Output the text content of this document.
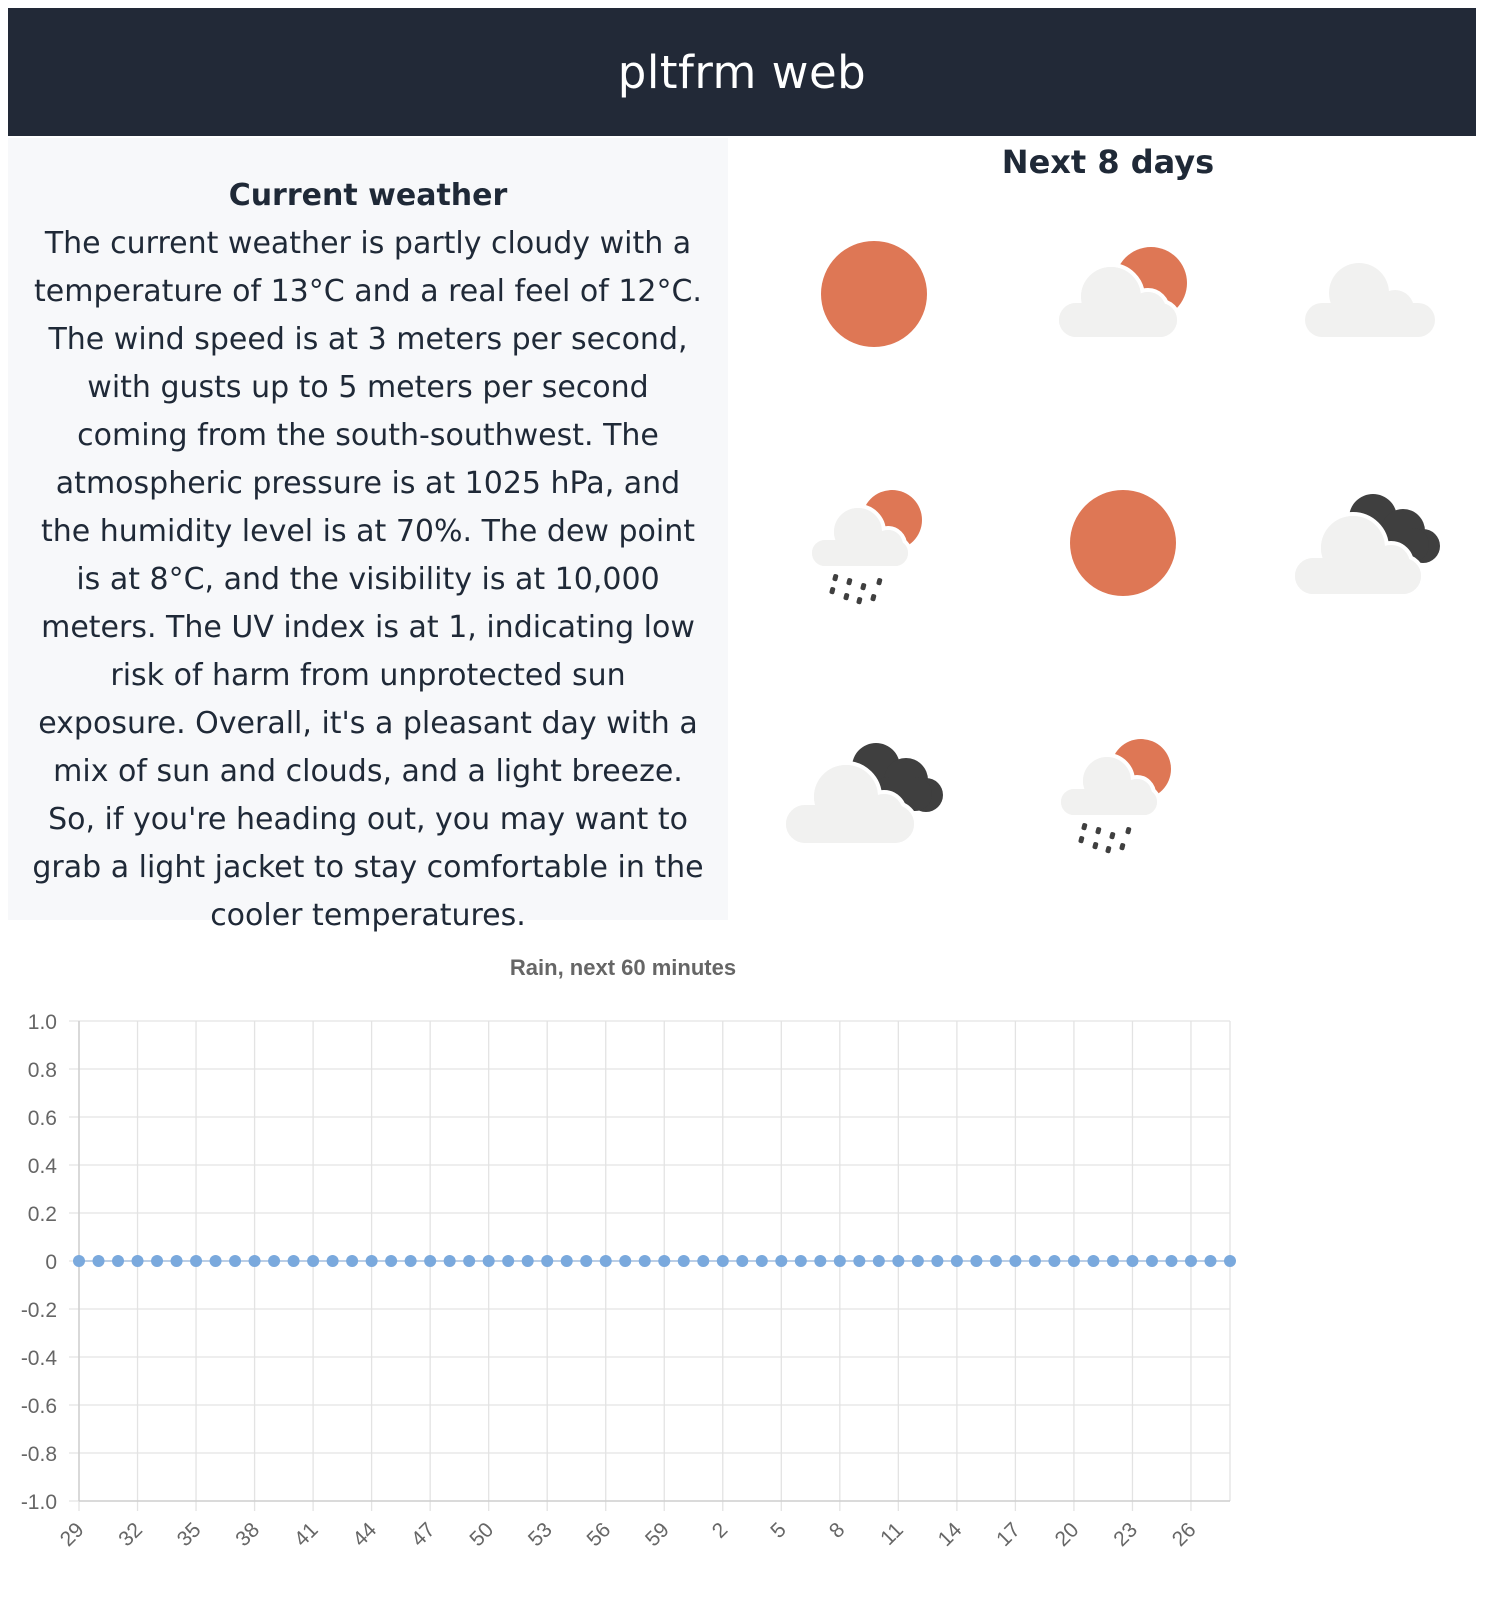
pltfrm web
Current weather

The current weather is partly cloudy with a temperature of 13°C and a real feel of 12°C. The wind speed is at 3 meters per second, with gusts up to 5 meters per second coming from the south-southwest. The atmospheric pressure is at 1025 hPa, and the humidity level is at 70%. The dew point is at 8°C, and the visibility is at 10,000 meters. The UV index is at 1, indicating low risk of harm from unprotected sun exposure. Overall, it's a pleasant day with a mix of sun and clouds, and a light breeze. So, if you're heading out, you may want to grab a light jacket to stay comfortable in the cooler temperatures.

Next 8 days
Rain, next 60 minutes
1.0
0.8
0.6
0.4
0.2
0
-0.2
-0.4
-0.6
-0.8
-1.0
29 32 35 38 41 44 47 50 53 56 59 2 5 8 11 14 17 20 23 26
